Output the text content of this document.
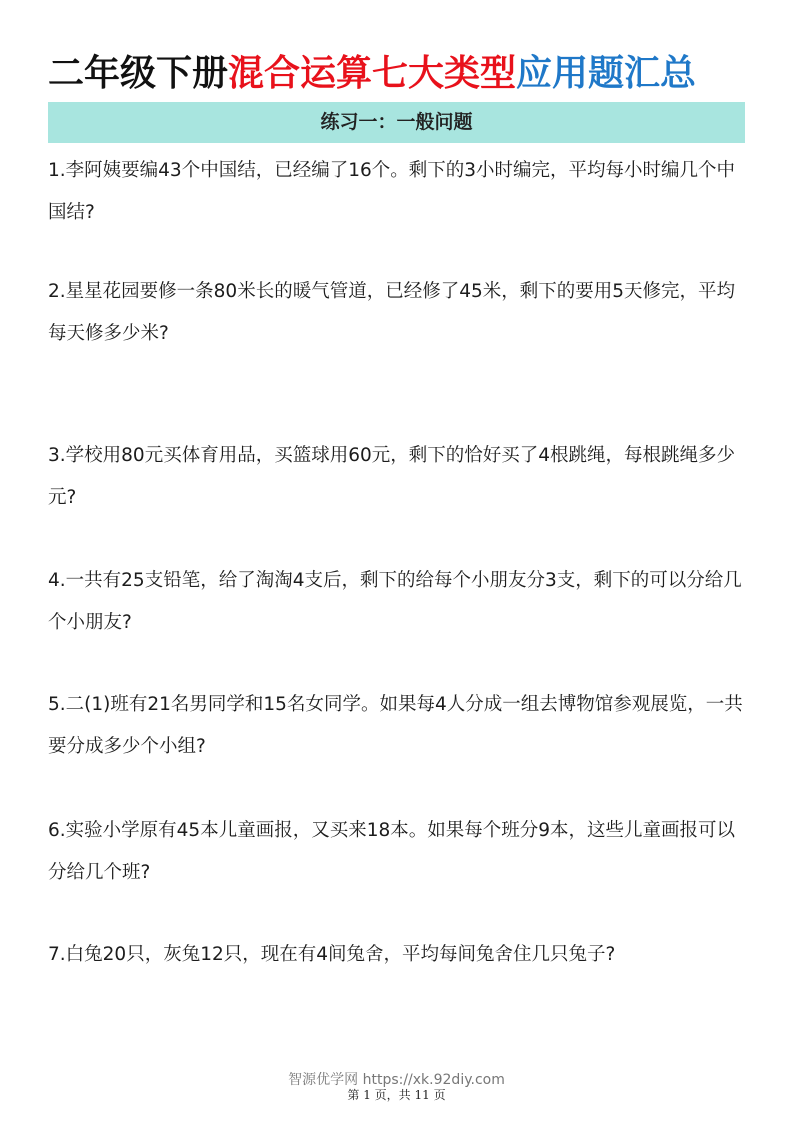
二年级下册混合运算七大类型应用题汇总
练习一：一般问题
1.李阿姨要编43个中国结，已经编了16个。剩下的3小时编完，平均每小时编几个中国结?
2.星星花园要修一条80米长的暖气管道，已经修了45米，剩下的要用5天修完，平均每天修多少米?
3.学校用80元买体育用品，买篮球用60元，剩下的恰好买了4根跳绳，每根跳绳多少元?
4.一共有25支铅笔，给了淘淘4支后，剩下的给每个小朋友分3支，剩下的可以分给几个小朋友?
5.二(1)班有21名男同学和15名女同学。如果每4人分成一组去博物馆参观展览，一共要分成多少个小组?
6.实验小学原有45本儿童画报，又买来18本。如果每个班分9本，这些儿童画报可以分给几个班?
7.白兔20只，灰兔12只，现在有4间兔舍，平均每间兔舍住几只兔子?
智源优学网 https://xk.92diy.com
第 1 页，共 11 页
